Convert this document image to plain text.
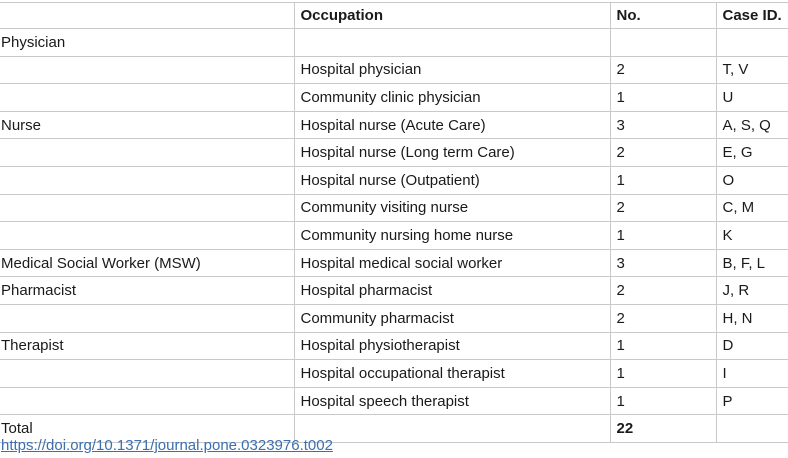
	Occupation	No.	Case ID.
Physician			
	Hospital physician	2	T, V
	Community clinic physician	1	U
Nurse	Hospital nurse (Acute Care)	3	A, S, Q
	Hospital nurse (Long term Care)	2	E, G
	Hospital nurse (Outpatient)	1	O
	Community visiting nurse	2	C, M
	Community nursing home nurse	1	K
Medical Social Worker (MSW)	Hospital medical social worker	3	B, F, L
Pharmacist	Hospital pharmacist	2	J, R
	Community pharmacist	2	H, N
Therapist	Hospital physiotherapist	1	D
	Hospital occupational therapist	1	I
	Hospital speech therapist	1	P
Total		22	
https://doi.org/10.1371/journal.pone.0323976.t002
